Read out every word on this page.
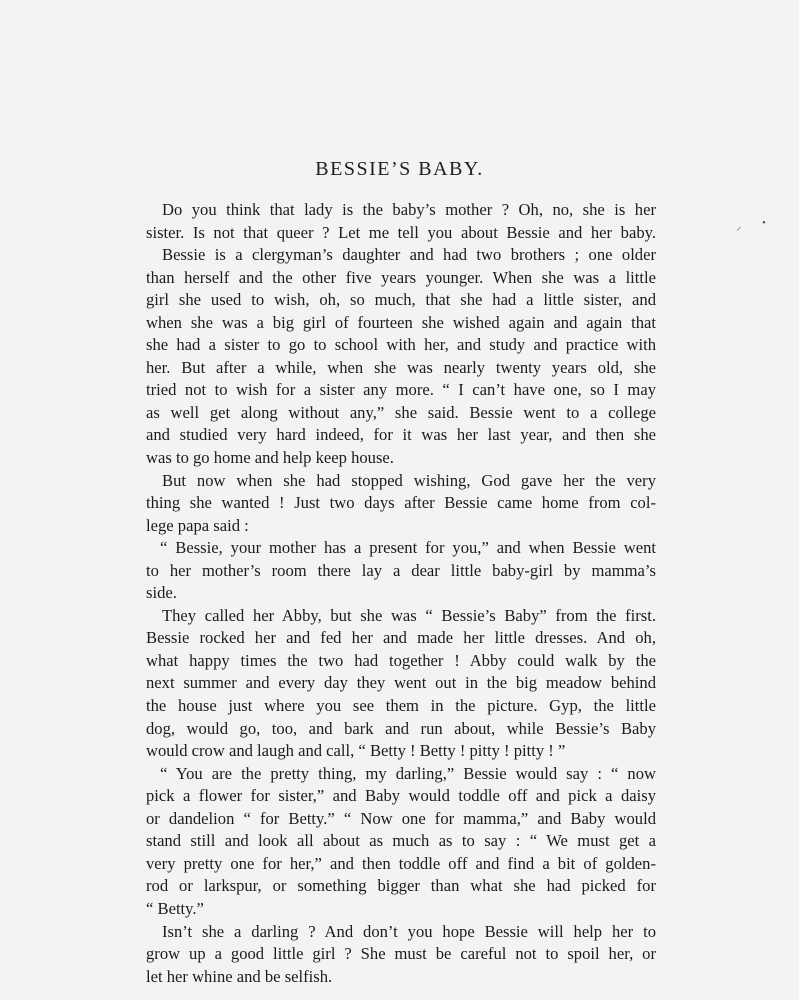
⸝ •
BESSIE’S BABY.
Do you think that lady is the baby’s mother ? Oh, no, she is her
sister. Is not that queer ? Let me tell you about Bessie and her baby.
Bessie is a clergyman’s daughter and had two brothers ; one older
than herself and the other five years younger. When she was a little
girl she used to wish, oh, so much, that she had a little sister, and
when she was a big girl of fourteen she wished again and again that
she had a sister to go to school with her, and study and practice with
her. But after a while, when she was nearly twenty years old, she
tried not to wish for a sister any more. “ I can’t have one, so I may
as well get along without any,” she said. Bessie went to a college
and studied very hard indeed, for it was her last year, and then she
was to go home and help keep house.
But now when she had stopped wishing, God gave her the very
thing she wanted ! Just two days after Bessie came home from col-
lege papa said :
“ Bessie, your mother has a present for you,” and when Bessie went
to her mother’s room there lay a dear little baby-girl by mamma’s
side.
They called her Abby, but she was “ Bessie’s Baby” from the first.
Bessie rocked her and fed her and made her little dresses. And oh,
what happy times the two had together ! Abby could walk by the
next summer and every day they went out in the big meadow behind
the house just where you see them in the picture. Gyp, the little
dog, would go, too, and bark and run about, while Bessie’s Baby
would crow and laugh and call, “ Betty ! Betty ! pitty ! pitty ! ”
“ You are the pretty thing, my darling,” Bessie would say : “ now
pick a flower for sister,” and Baby would toddle off and pick a daisy
or dandelion “ for Betty.” “ Now one for mamma,” and Baby would
stand still and look all about as much as to say : “ We must get a
very pretty one for her,” and then toddle off and find a bit of golden-
rod or larkspur, or something bigger than what she had picked for
“ Betty.”
Isn’t she a darling ? And don’t you hope Bessie will help her to
grow up a good little girl ? She must be careful not to spoil her, or
let her whine and be selfish.
